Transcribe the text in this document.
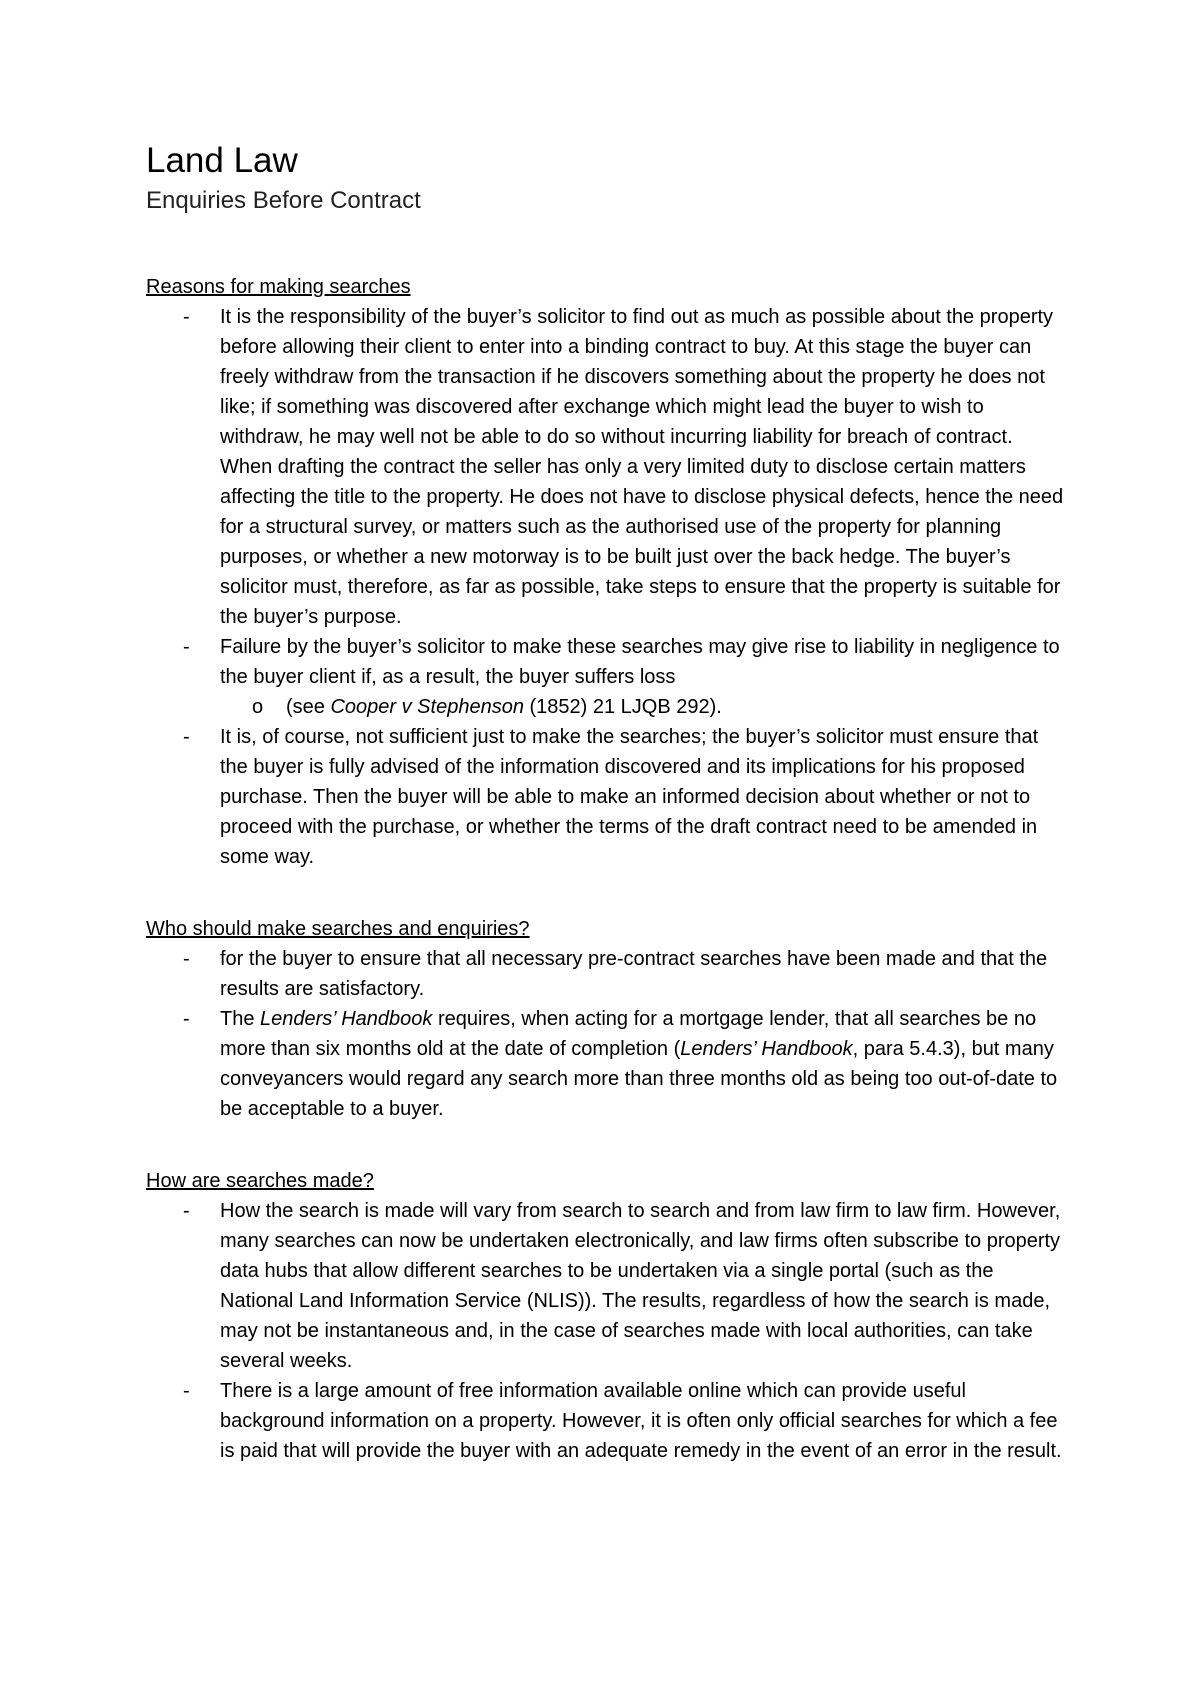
Land Law
Enquiries Before Contract
Reasons for making searches
- It is the responsibility of the buyer’s solicitor to find out as much as possible about the property before allowing their client to enter into a binding contract to buy. At this stage the buyer can freely withdraw from the transaction if he discovers something about the property he does not like; if something was discovered after exchange which might lead the buyer to wish to withdraw, he may well not be able to do so without incurring liability for breach of contract. When drafting the contract the seller has only a very limited duty to disclose certain matters affecting the title to the property. He does not have to disclose physical defects, hence the need for a structural survey, or matters such as the authorised use of the property for planning purposes, or whether a new motorway is to be built just over the back hedge. The buyer’s solicitor must, therefore, as far as possible, take steps to ensure that the property is suitable for the buyer’s purpose.
- Failure by the buyer’s solicitor to make these searches may give rise to liability in negligence to the buyer client if, as a result, the buyer suffers loss
o (see Cooper v Stephenson (1852) 21 LJQB 292).
- It is, of course, not sufficient just to make the searches; the buyer’s solicitor must ensure that the buyer is fully advised of the information discovered and its implications for his proposed purchase. Then the buyer will be able to make an informed decision about whether or not to proceed with the purchase, or whether the terms of the draft contract need to be amended in some way.
Who should make searches and enquiries?
- for the buyer to ensure that all necessary pre-contract searches have been made and that the results are satisfactory.
- The Lenders’ Handbook requires, when acting for a mortgage lender, that all searches be no more than six months old at the date of completion (Lenders’ Handbook, para 5.4.3), but many conveyancers would regard any search more than three months old as being too out-of-date to be acceptable to a buyer.
How are searches made?
- How the search is made will vary from search to search and from law firm to law firm. However, many searches can now be undertaken electronically, and law firms often subscribe to property data hubs that allow different searches to be undertaken via a single portal (such as the National Land Information Service (NLIS)). The results, regardless of how the search is made, may not be instantaneous and, in the case of searches made with local authorities, can take several weeks.
- There is a large amount of free information available online which can provide useful background information on a property. However, it is often only official searches for which a fee is paid that will provide the buyer with an adequate remedy in the event of an error in the result.
